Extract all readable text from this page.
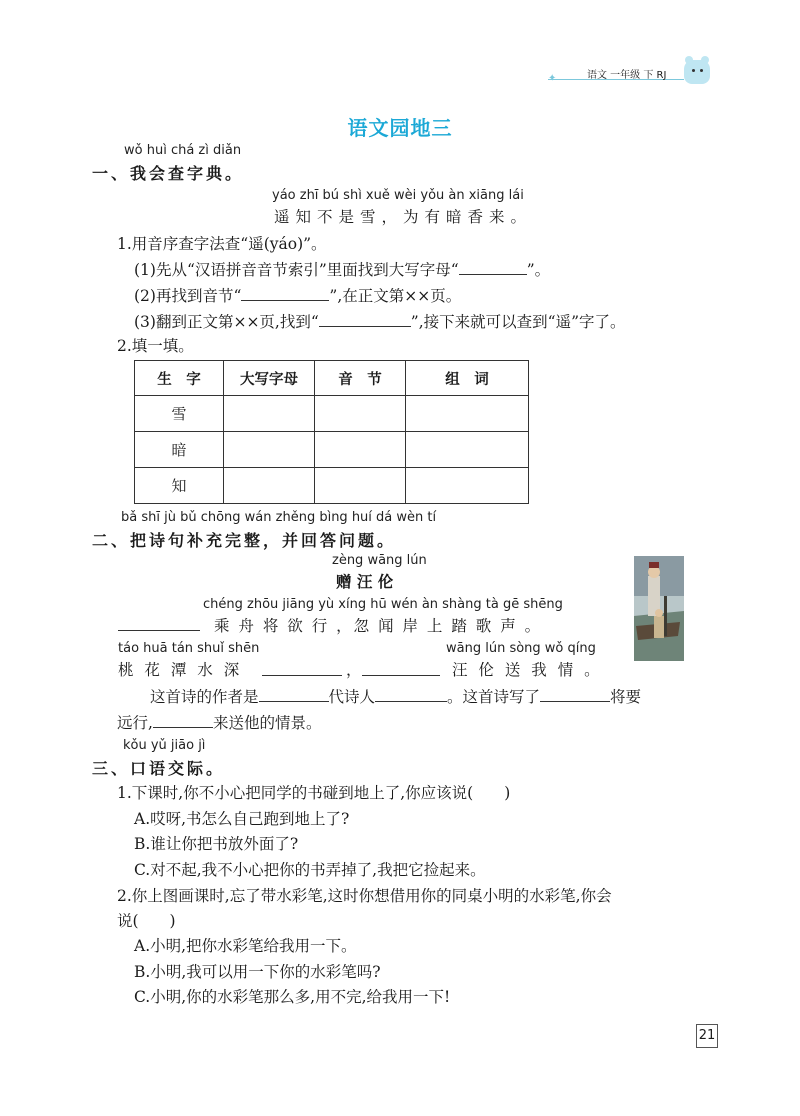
✦	语文 一年级 下 RJ
语文园地三
wǒ huì chá zì diǎn
一、我会查字典。
yáo zhī bú shì xuě wèi yǒu àn xiāng lái
遥知不是雪，为有暗香来。
1.用音序查字法查“遥(yáo)”。
(1)先从“汉语拼音音节索引”里面找到大写字母“	”。
(2)再找到音节“	”,在正文第××页。
(3)翻到正文第××页,找到“	”,接下来就可以查到“遥”字了。
2.填一填。
生　字	大写字母	音　节	组　词
雪			
暗			
知			
bǎ shī jù bǔ chōng wán zhěng bìng huí dá wèn tí
二、把诗句补充完整，并回答问题。
zèng wāng lún
赠 汪 伦
chéng zhōu jiāng yù xíng hū wén àn shàng tà gē shēng
乘 舟 将 欲 行 ，忽 闻 岸 上 踏 歌 声 。
táo huā tán shuǐ shēn	wāng lún sòng wǒ qíng
桃 花 潭 水 深	，	汪 伦 送 我 情 。
这首诗的作者是	代诗人	。这首诗写了	将要
远行,	来送他的情景。
kǒu yǔ jiāo jì
三、口语交际。
1.下课时,你不小心把同学的书碰到地上了,你应该说(　　)
A.哎呀,书怎么自己跑到地上了?
B.谁让你把书放外面了?
C.对不起,我不小心把你的书弄掉了,我把它捡起来。
2.你上图画课时,忘了带水彩笔,这时你想借用你的同桌小明的水彩笔,你会
说(　　)
A.小明,把你水彩笔给我用一下。
B.小明,我可以用一下你的水彩笔吗?
C.小明,你的水彩笔那么多,用不完,给我用一下!
21
